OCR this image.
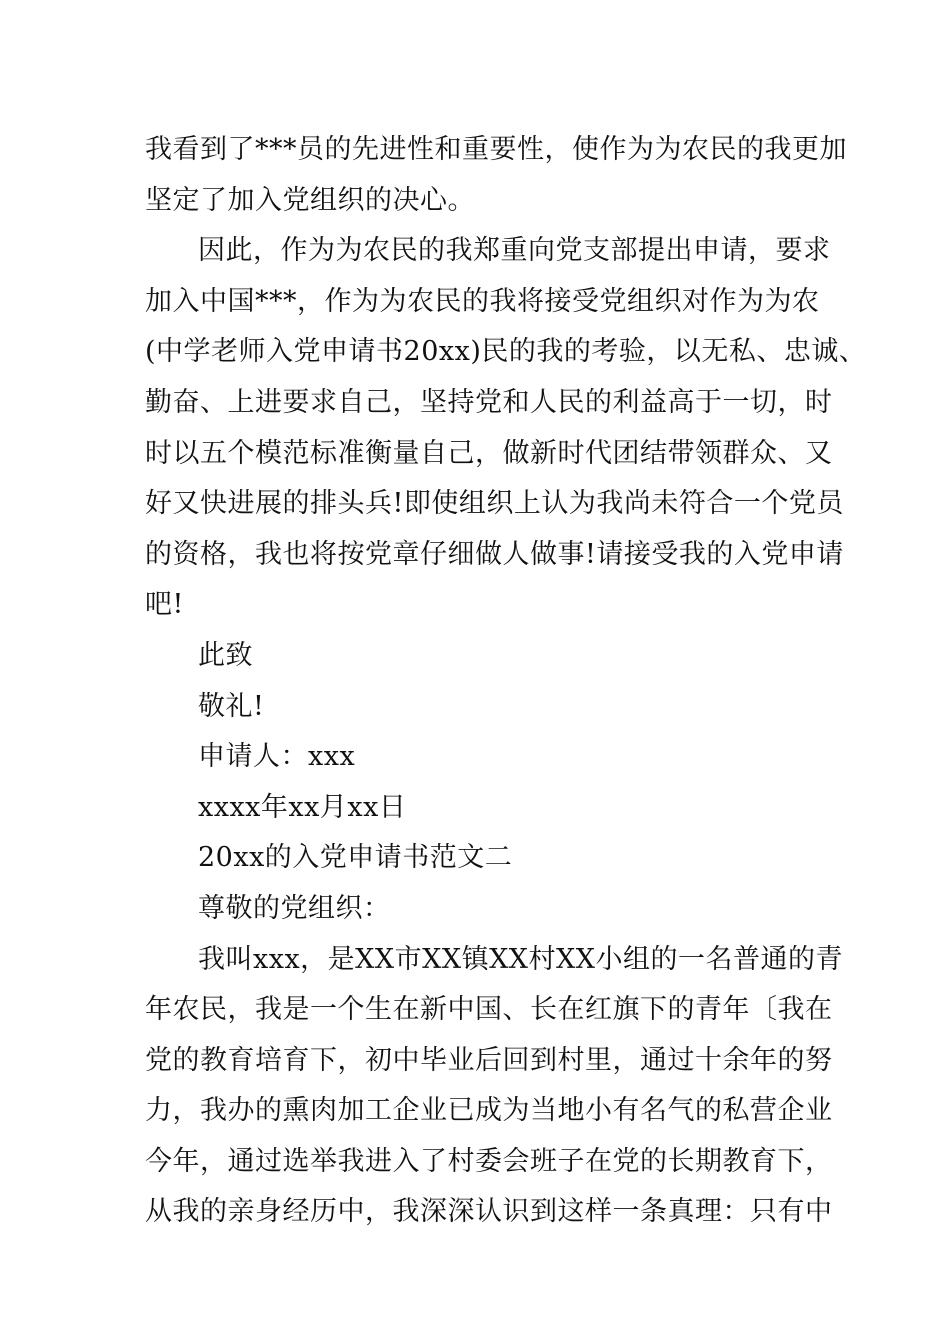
我看到了***员的先进性和重要性，使作为为农民的我更加
坚定了加入党组织的决心。
因此，作为为农民的我郑重向党支部提出申请，要求
加入中国***，作为为农民的我将接受党组织对作为为农
(中学老师入党申请书20xx)民的我的考验，以无私、忠诚、
勤奋、上进要求自己，坚持党和人民的利益高于一切，时
时以五个模范标准衡量自己，做新时代团结带领群众、又
好又快进展的排头兵!即使组织上认为我尚未符合一个党员
的资格，我也将按党章仔细做人做事!请接受我的入党申请
吧!
此致
敬礼!
申请人：xxx
xxxx年xx月xx日
20xx的入党申请书范文二
尊敬的党组织：
我叫xxx，是XX市XX镇XX村XX小组的一名普通的青
年农民，我是一个生在新中国、长在红旗下的青年〔我在
党的教育培育下，初中毕业后回到村里，通过十余年的努
力，我办的熏肉加工企业已成为当地小有名气的私营企业
今年，通过选举我进入了村委会班子在党的长期教育下，
从我的亲身经历中，我深深认识到这样一条真理：只有中
